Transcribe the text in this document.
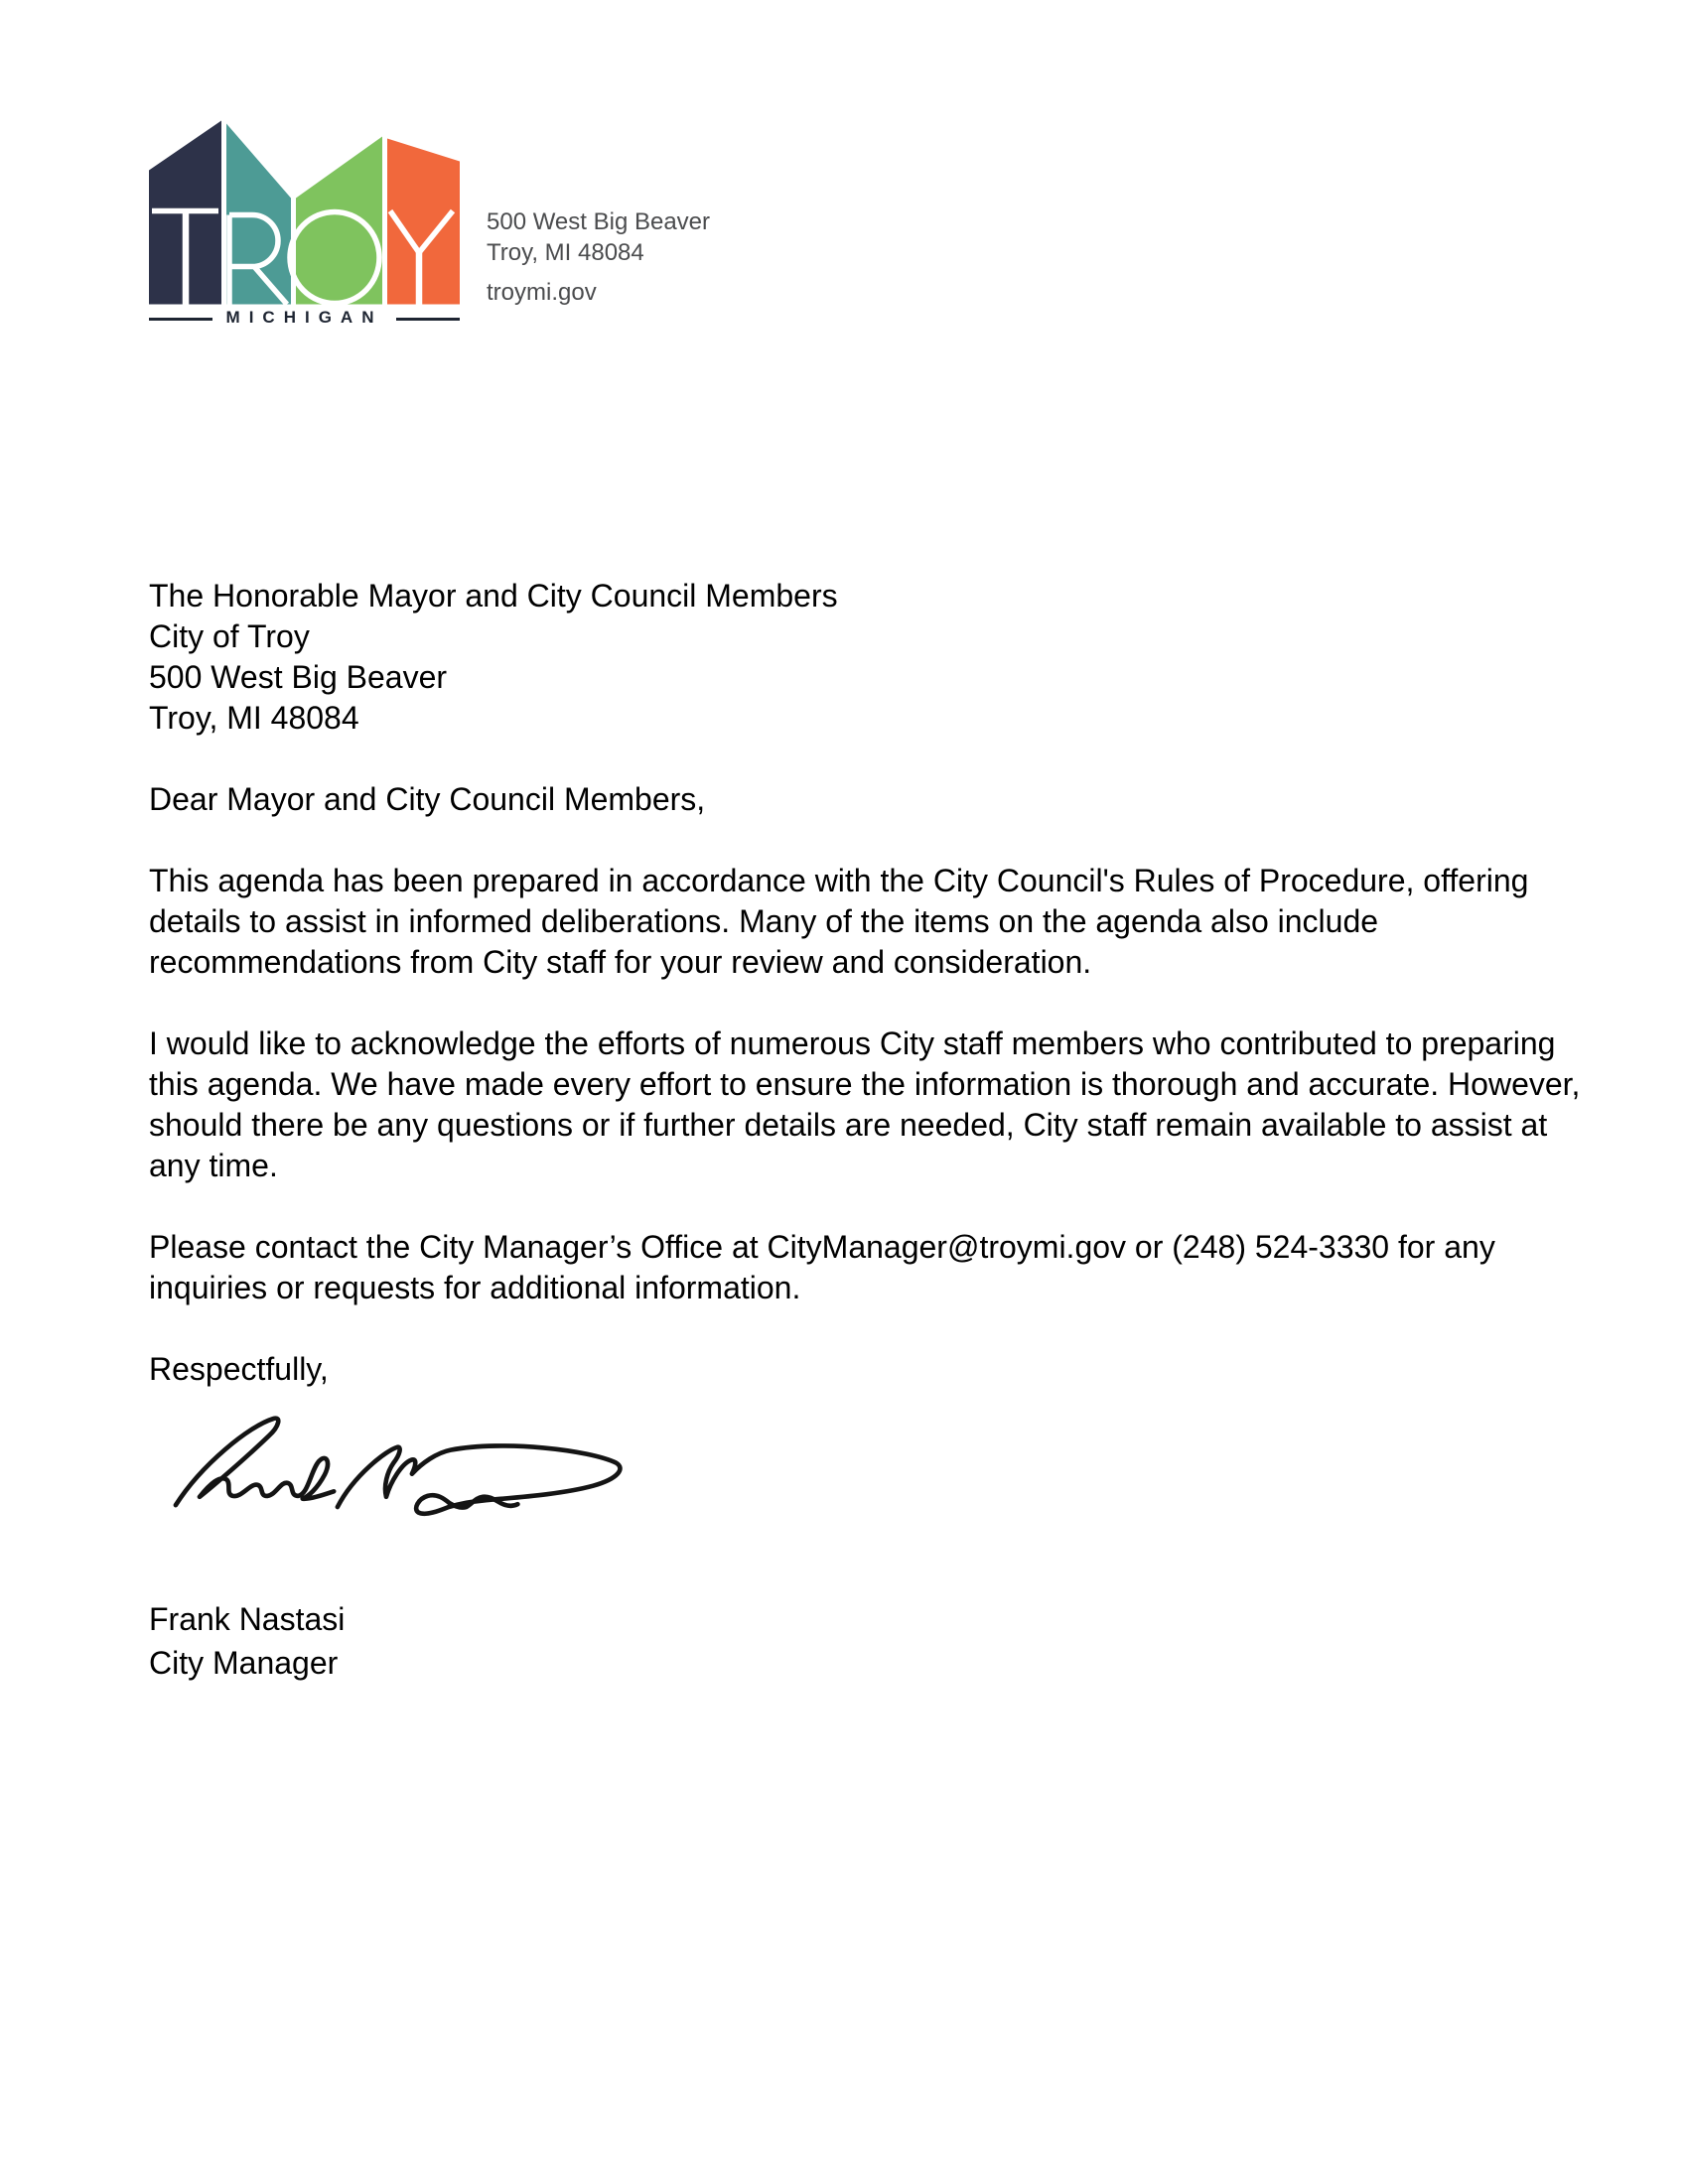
MICHIGAN
500 West Big Beaver
Troy, MI 48084
troymi.gov
The Honorable Mayor and City Council Members
City of Troy
500 West Big Beaver
Troy, MI 48084

Dear Mayor and City Council Members,

This agenda has been prepared in accordance with the City Council's Rules of Procedure, offering details to assist in informed deliberations. Many of the items on the agenda also include recommendations from City staff for your review and consideration.

I would like to acknowledge the efforts of numerous City staff members who contributed to preparing this agenda. We have made every effort to ensure the information is thorough and accurate. However, should there be any questions or if further details are needed, City staff remain available to assist at any time.

Please contact the City Manager’s Office at CityManager@troymi.gov or (248) 524-3330 for any inquiries or requests for additional information.

Respectfully,

Frank Nastasi
City Manager
